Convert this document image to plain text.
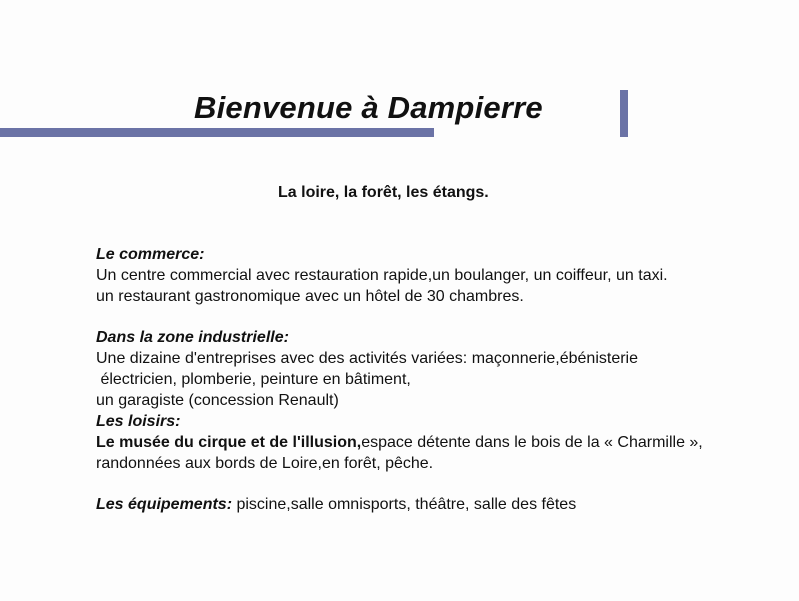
Bienvenue à Dampierre
La loire, la forêt, les étangs.
Le commerce:
Un centre commercial avec restauration rapide,un boulanger, un coiffeur, un taxi.
un restaurant gastronomique avec un hôtel de 30 chambres.
Dans la zone industrielle:
Une dizaine d'entreprises avec des activités variées: maçonnerie,ébénisterie
électricien, plomberie, peinture en bâtiment,
un garagiste (concession Renault)
Les loisirs:
Le musée du cirque et de l'illusion,espace détente dans le bois de la « Charmille »,
randonnées aux bords de Loire,en forêt, pêche.
Les équipements: piscine,salle omnisports, théâtre, salle des fêtes
